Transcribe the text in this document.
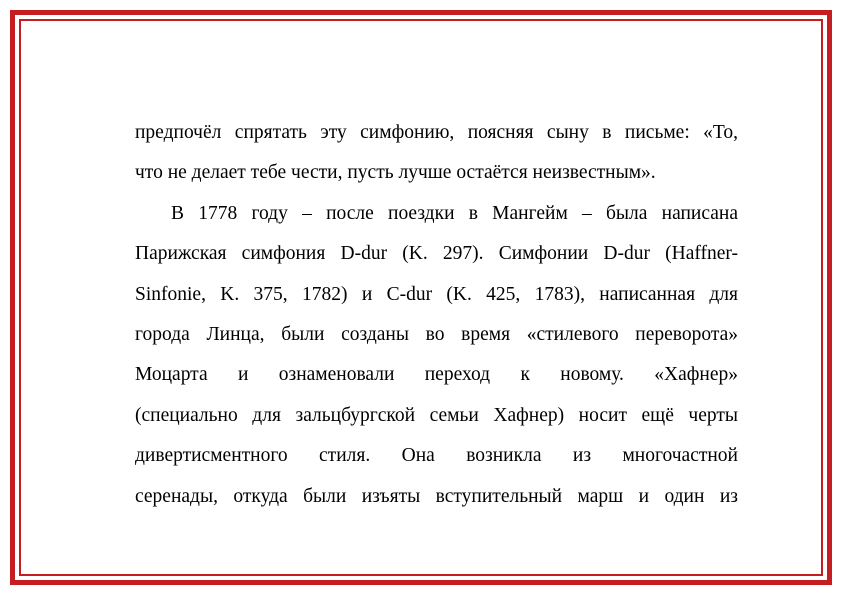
предпочёл спрятать эту симфонию, поясняя сыну в письме: «То,
что не делает тебе чести, пусть лучше остаётся неизвестным».
В 1778 году – после поездки в Мангейм – была написана
Парижская симфония D-dur (K. 297). Симфонии D-dur (Haffner-
Sinfonie, K. 375, 1782) и C-dur (K. 425, 1783), написанная для
города Линца, были созданы во время «стилевого переворота»
Моцарта и ознаменовали переход к новому. «Хафнер»
(специально для зальцбургской семьи Хафнер) носит ещё черты
дивертисментного стиля. Она возникла из многочастной
серенады, откуда были изъяты вступительный марш и один из
